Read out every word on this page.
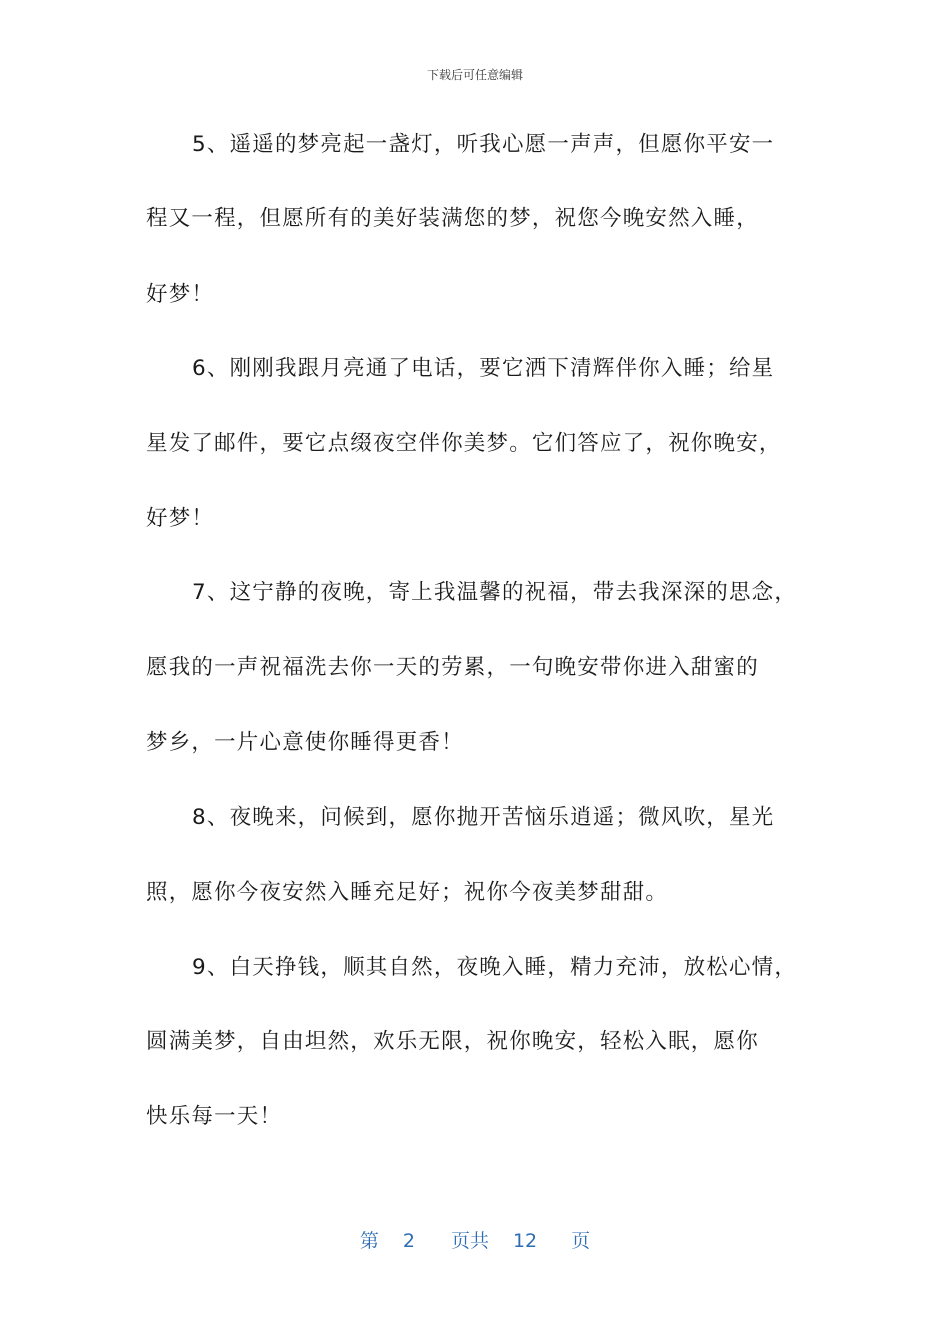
下载后可任意编辑
5、遥遥的梦亮起一盏灯，听我心愿一声声，但愿你平安一
程又一程，但愿所有的美好装满您的梦，祝您今晚安然入睡，
好梦！
6、刚刚我跟月亮通了电话，要它洒下清辉伴你入睡；给星
星发了邮件，要它点缀夜空伴你美梦。它们答应了，祝你晚安，
好梦！
7、这宁静的夜晚，寄上我温馨的祝福，带去我深深的思念，
愿我的一声祝福洗去你一天的劳累，一句晚安带你进入甜蜜的
梦乡，一片心意使你睡得更香！
8、夜晚来，问候到，愿你抛开苦恼乐逍遥；微风吹，星光
照，愿你今夜安然入睡充足好；祝你今夜美梦甜甜。
9、白天挣钱，顺其自然，夜晚入睡，精力充沛，放松心情，
圆满美梦，自由坦然，欢乐无限，祝你晚安，轻松入眠，愿你
快乐每一天！
第 2 页共 12 页
